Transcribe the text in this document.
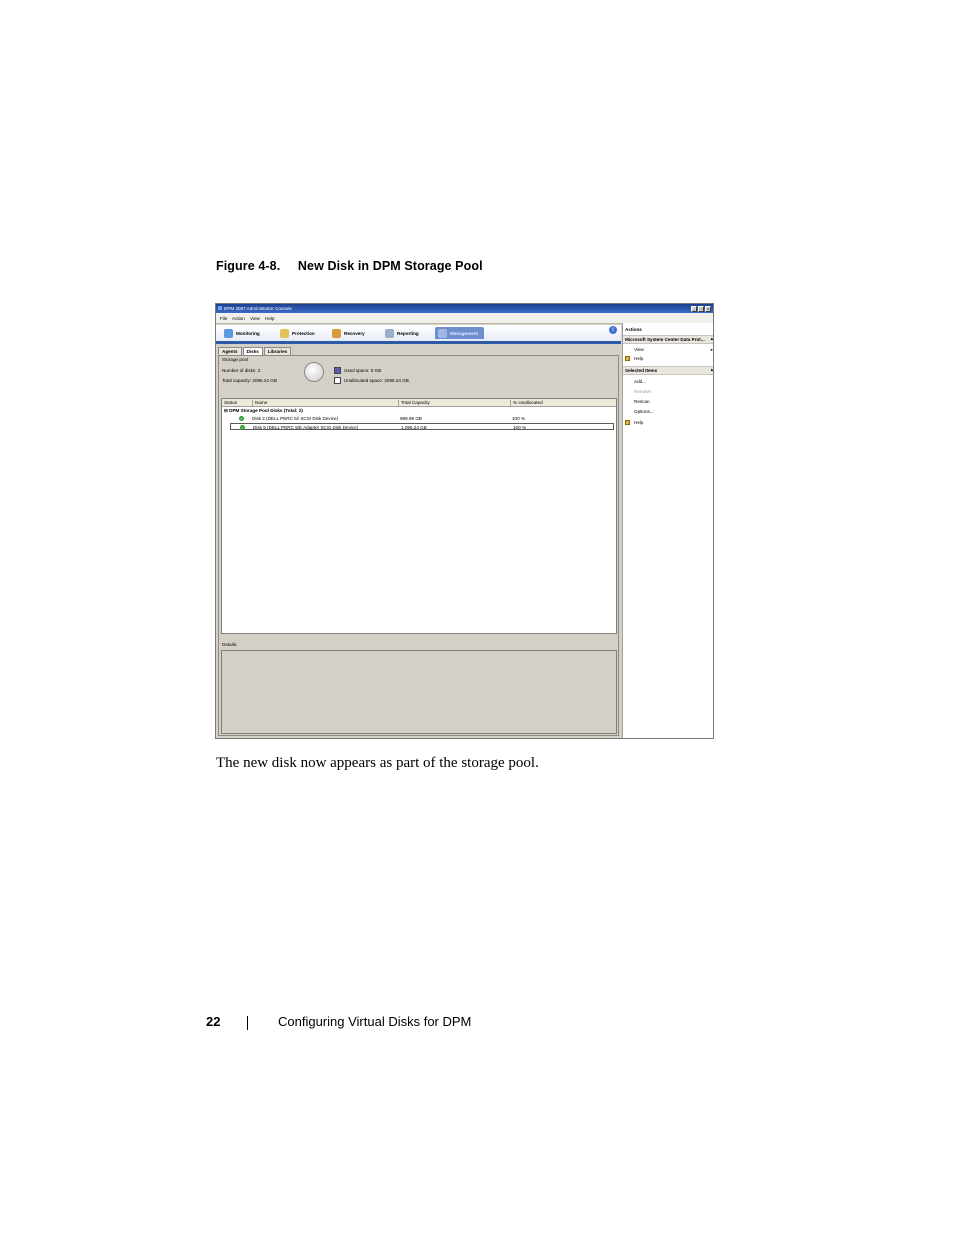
Figure 4-8. New Disk in DPM Storage Pool
DPM 2007 Administrator Console	_	□	x
File Action View Help
Monitoring	Protection	Recovery	Reporting	Management	i
Agents	Disks	Libraries
Storage pool
Number of disks: 2
Total capacity: 2096.24 GB
Used space: 0 GB
Unallocated space: 2096.24 GB
Status	Name	Total Capacity	% Unallocated
⊟ DPM Storage Pool Disks (Total: 2)
✓ Disk 2 (DELL PERC 5/i SCSI Disk Device)	999.99 GB	100 %
✓ Disk 5 (DELL PERC 5/E Adapter SCSI Disk Device)	1,096.24 GB	100 %
Details:
Actions
Microsoft System Center Data Prot... ▴
View	▸
Help
Selected Items	▴
Add...
Remove
Rescan
Options...
Help
The new disk now appears as part of the storage pool.
22	Configuring Virtual Disks for DPM
